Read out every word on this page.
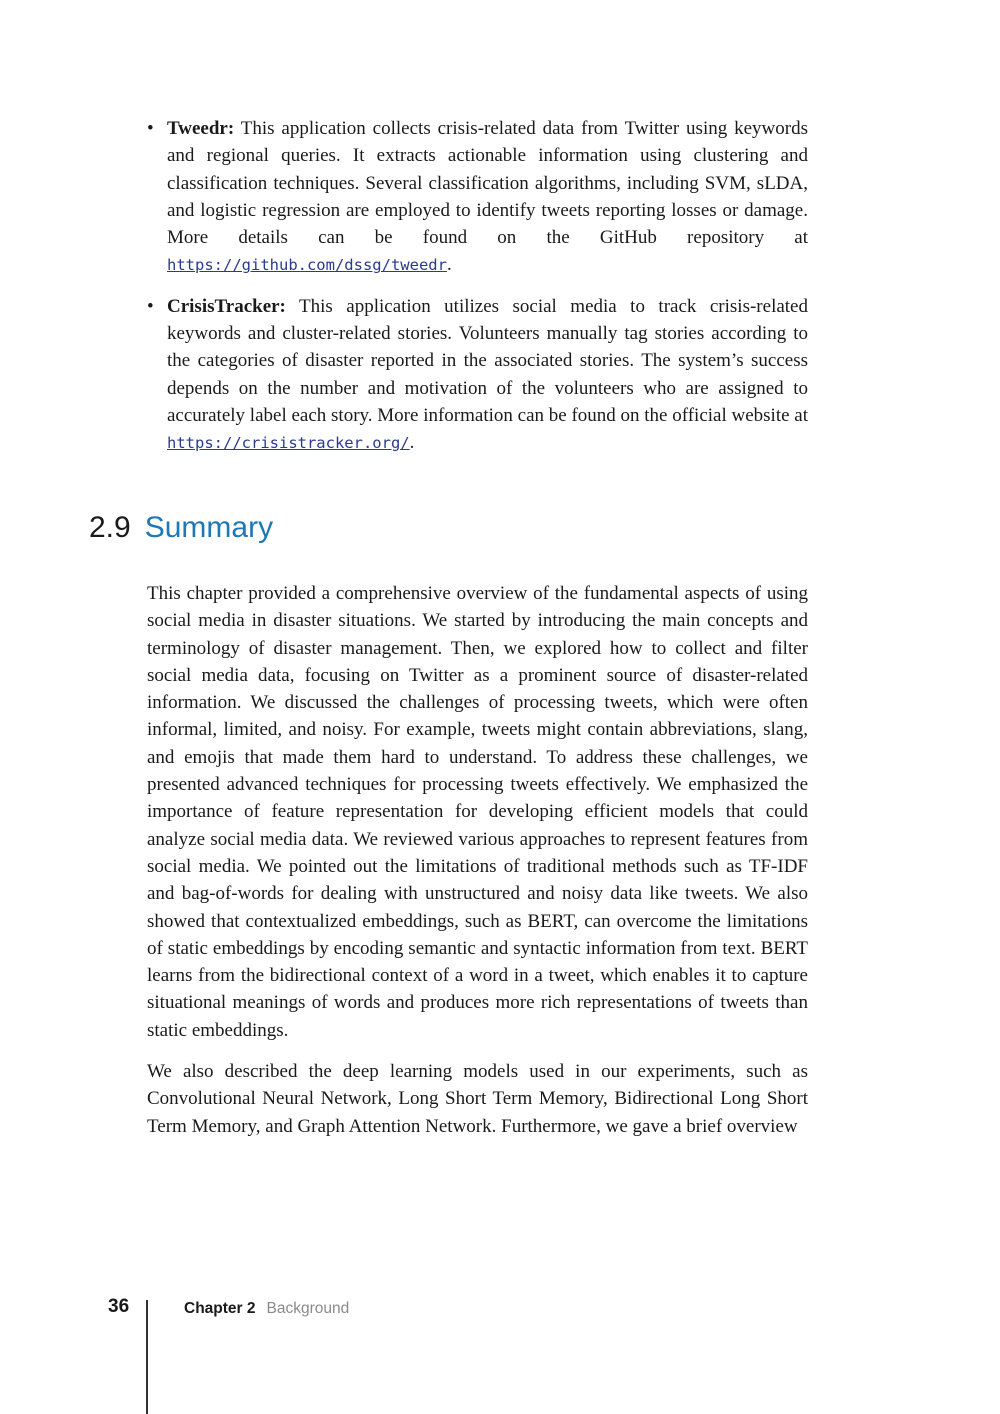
• Tweedr: This application collects crisis-related data from Twitter using keywords and regional queries. It extracts actionable information using clustering and classification techniques. Several classification algorithms, including SVM, sLDA, and logistic regression are employed to identify tweets reporting losses or damage. More details can be found on the GitHub repository at https://github.com/dssg/tweedr.
• CrisisTracker: This application utilizes social media to track crisis-related keywords and cluster-related stories. Volunteers manually tag stories according to the categories of disaster reported in the associated stories. The system’s success depends on the number and motivation of the volunteers who are assigned to accurately label each story. More information can be found on the official website at https://crisistracker.org/.
2.9 Summary

This chapter provided a comprehensive overview of the fundamental aspects of using social media in disaster situations. We started by introducing the main concepts and terminology of disaster management. Then, we explored how to collect and filter social media data, focusing on Twitter as a prominent source of disaster-related information. We discussed the challenges of processing tweets, which were often informal, limited, and noisy. For example, tweets might contain abbreviations, slang, and emojis that made them hard to understand. To address these challenges, we presented advanced techniques for processing tweets effectively. We emphasized the importance of feature representation for developing efficient models that could analyze social media data. We reviewed various approaches to represent features from social media. We pointed out the limitations of traditional methods such as TF-IDF and bag-of-words for dealing with unstructured and noisy data like tweets. We also showed that contextualized embeddings, such as BERT, can overcome the limitations of static embeddings by encoding semantic and syntactic information from text. BERT learns from the bidirectional context of a word in a tweet, which enables it to capture situational meanings of words and produces more rich representations of tweets than static embeddings.

We also described the deep learning models used in our experiments, such as Convolutional Neural Network, Long Short Term Memory, Bidirectional Long Short Term Memory, and Graph Attention Network. Furthermore, we gave a brief overview

36	Chapter 2 Background
